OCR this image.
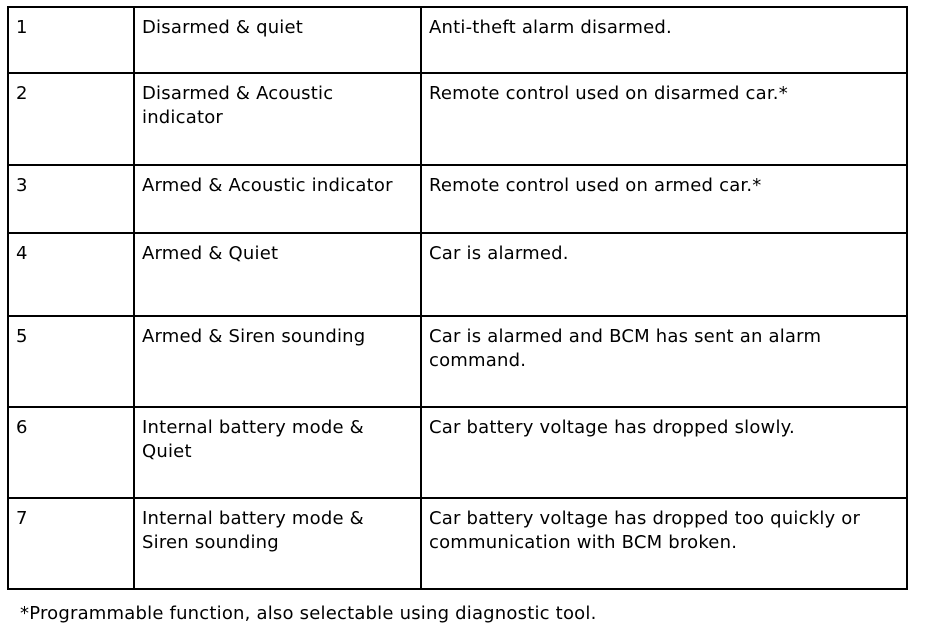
1	Disarmed & quiet	Anti-theft alarm disarmed.
2	Disarmed & Acoustic indicator	Remote control used on disarmed car.*
3	Armed & Acoustic indicator	Remote control used on armed car.*
4	Armed & Quiet	Car is alarmed.
5	Armed & Siren sounding	Car is alarmed and BCM has sent an alarm command.
6	Internal battery mode & Quiet	Car battery voltage has dropped slowly.
7	Internal battery mode & Siren sounding	Car battery voltage has dropped too quickly or communication with BCM broken.
*Programmable function, also selectable using diagnostic tool.
